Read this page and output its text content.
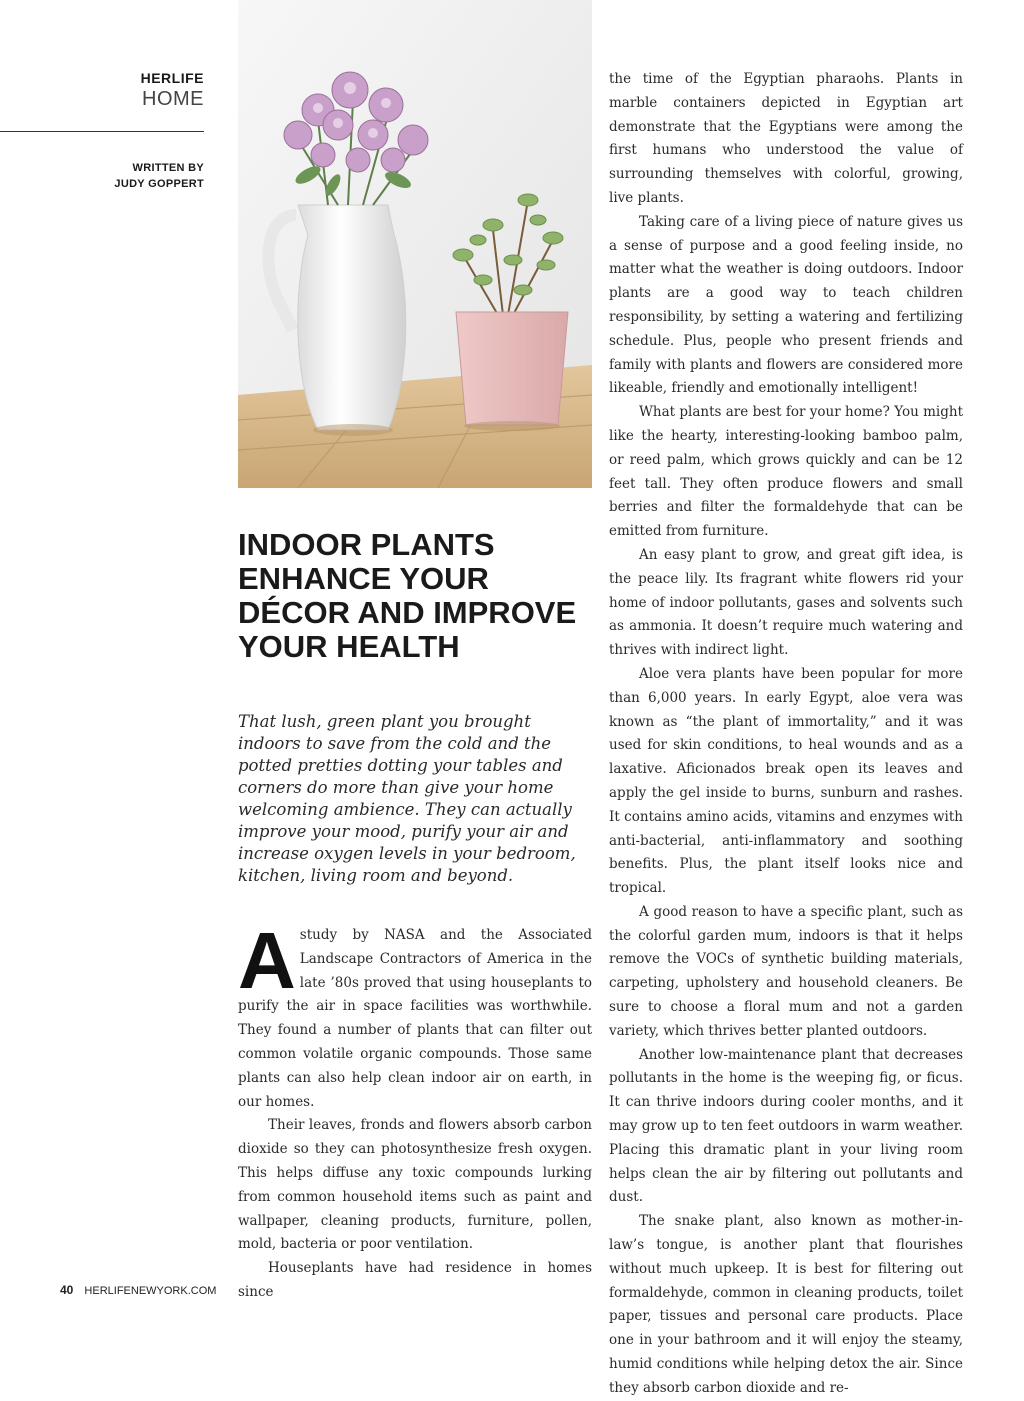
HERLIFE
HOME
WRITTEN BY
JUDY GOPPERT
INDOOR PLANTS ENHANCE YOUR DÉCOR AND IMPROVE YOUR HEALTH

That lush, green plant you brought indoors to save from the cold and the potted pretties dotting your tables and corners do more than give your home welcoming ambience. They can actually improve your mood, purify your air and increase oxygen levels in your bedroom, kitchen, living room and beyond.

A study by NASA and the Associated Landscape Contractors of America in the late ’80s proved that using houseplants to purify the air in space facilities was worthwhile. They found a number of plants that can filter out common volatile organic compounds. Those same plants can also help clean indoor air on earth, in our homes.

Their leaves, fronds and flowers absorb carbon dioxide so they can photosynthesize fresh oxygen. This helps diffuse any toxic compounds lurking from common household items such as paint and wallpaper, cleaning products, furniture, pollen, mold, bacteria or poor ventilation.

Houseplants have had residence in homes since

the time of the Egyptian pharaohs. Plants in marble containers depicted in Egyptian art demonstrate that the Egyptians were among the first humans who understood the value of surrounding themselves with colorful, growing, live plants.

Taking care of a living piece of nature gives us a sense of purpose and a good feeling inside, no matter what the weather is doing outdoors. Indoor plants are a good way to teach children responsibility, by setting a watering and fertilizing schedule. Plus, people who present friends and family with plants and flowers are considered more likeable, friendly and emotionally intelligent!

What plants are best for your home? You might like the hearty, interesting-looking bamboo palm, or reed palm, which grows quickly and can be 12 feet tall. They often produce flowers and small berries and filter the formaldehyde that can be emitted from furniture.

An easy plant to grow, and great gift idea, is the peace lily. Its fragrant white flowers rid your home of indoor pollutants, gases and solvents such as ammonia. It doesn’t require much watering and thrives with indirect light.

Aloe vera plants have been popular for more than 6,000 years. In early Egypt, aloe vera was known as “the plant of immortality,” and it was used for skin conditions, to heal wounds and as a laxative. Aficionados break open its leaves and apply the gel inside to burns, sunburn and rashes. It contains amino acids, vitamins and enzymes with anti-bacterial, anti-inflammatory and soothing benefits. Plus, the plant itself looks nice and tropical.

A good reason to have a specific plant, such as the colorful garden mum, indoors is that it helps remove the VOCs of synthetic building materials, carpeting, upholstery and household cleaners. Be sure to choose a floral mum and not a garden variety, which thrives better planted outdoors.

Another low-maintenance plant that decreases pollutants in the home is the weeping fig, or ficus. It can thrive indoors during cooler months, and it may grow up to ten feet outdoors in warm weather. Placing this dramatic plant in your living room helps clean the air by filtering out pollutants and dust.

The snake plant, also known as mother-in-law’s tongue, is another plant that flourishes without much upkeep. It is best for filtering out formaldehyde, common in cleaning products, toilet paper, tissues and personal care products. Place one in your bathroom and it will enjoy the steamy, humid conditions while helping detox the air. Since they absorb carbon dioxide and re-

40 HERLIFENEWYORK.COM
